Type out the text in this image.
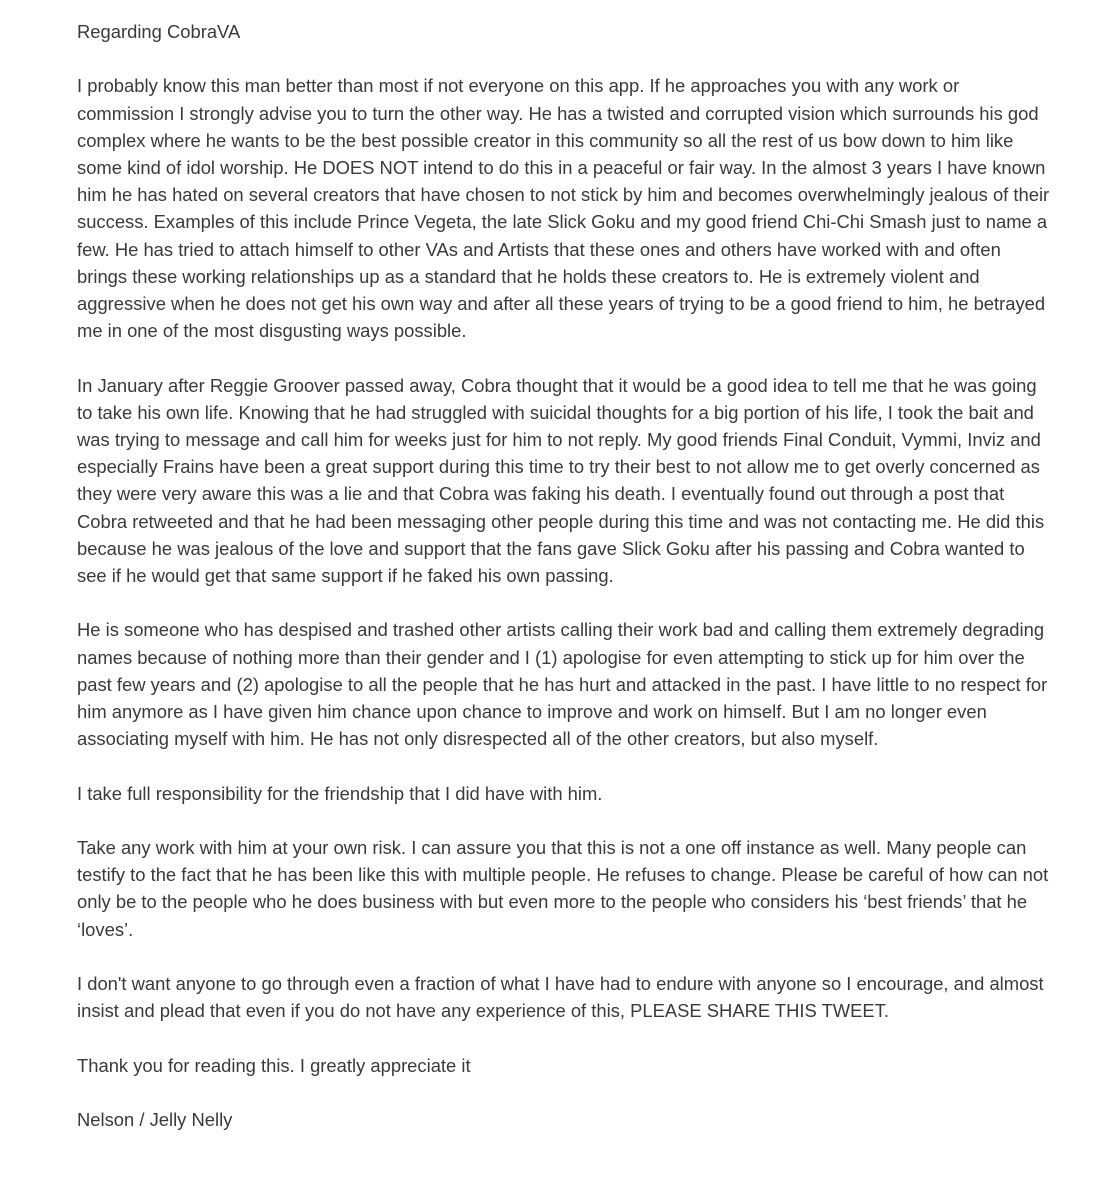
Regarding CobraVA

I probably know this man better than most if not everyone on this app. If he approaches you with any work or commission I strongly advise you to turn the other way. He has a twisted and corrupted vision which surrounds his god complex where he wants to be the best possible creator in this community so all the rest of us bow down to him like some kind of idol worship. He DOES NOT intend to do this in a peaceful or fair way. In the almost 3 years I have known him he has hated on several creators that have chosen to not stick by him and becomes overwhelmingly jealous of their success. Examples of this include Prince Vegeta, the late Slick Goku and my good friend Chi-Chi Smash just to name a few. He has tried to attach himself to other VAs and Artists that these ones and others have worked with and often brings these working relationships up as a standard that he holds these creators to. He is extremely violent and aggressive when he does not get his own way and after all these years of trying to be a good friend to him, he betrayed me in one of the most disgusting ways possible.

In January after Reggie Groover passed away, Cobra thought that it would be a good idea to tell me that he was going to take his own life. Knowing that he had struggled with suicidal thoughts for a big portion of his life, I took the bait and was trying to message and call him for weeks just for him to not reply. My good friends Final Conduit, Vymmi, Inviz and especially Frains have been a great support during this time to try their best to not allow me to get overly concerned as they were very aware this was a lie and that Cobra was faking his death. I eventually found out through a post that Cobra retweeted and that he had been messaging other people during this time and was not contacting me. He did this because he was jealous of the love and support that the fans gave Slick Goku after his passing and Cobra wanted to see if he would get that same support if he faked his own passing.

He is someone who has despised and trashed other artists calling their work bad and calling them extremely degrading names because of nothing more than their gender and I (1) apologise for even attempting to stick up for him over the past few years and (2) apologise to all the people that he has hurt and attacked in the past. I have little to no respect for him anymore as I have given him chance upon chance to improve and work on himself. But I am no longer even associating myself with him. He has not only disrespected all of the other creators, but also myself.

I take full responsibility for the friendship that I did have with him.

Take any work with him at your own risk. I can assure you that this is not a one off instance as well. Many people can testify to the fact that he has been like this with multiple people. He refuses to change. Please be careful of how can not only be to the people who he does business with but even more to the people who considers his ‘best friends’ that he ‘loves’.

I don't want anyone to go through even a fraction of what I have had to endure with anyone so I encourage, and almost insist and plead that even if you do not have any experience of this, PLEASE SHARE THIS TWEET.

Thank you for reading this. I greatly appreciate it

Nelson / Jelly Nelly
